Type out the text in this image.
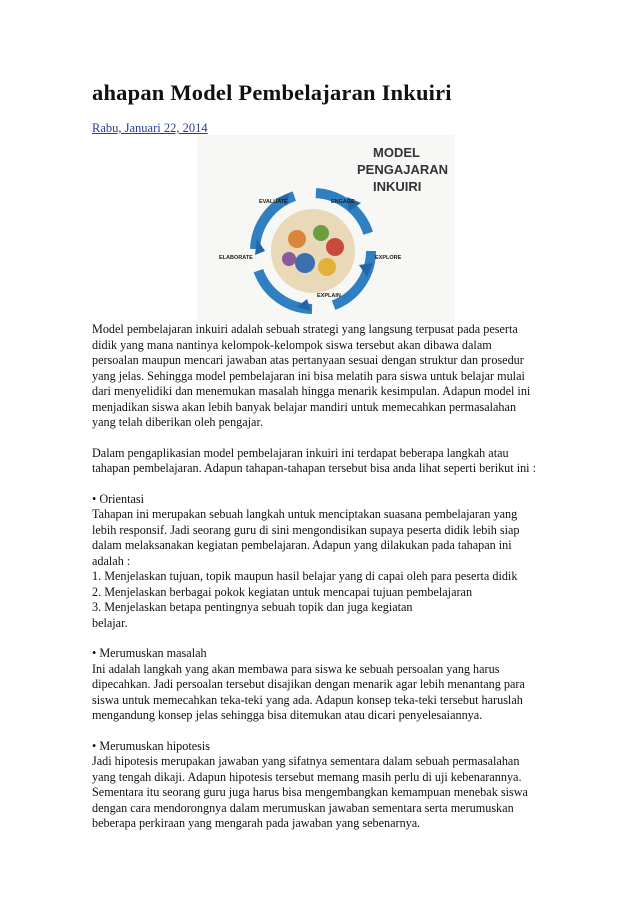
ahapan Model Pembelajaran Inkuiri
Rabu, Januari 22, 2014
MODEL
PENGAJARAN
INKUIRI
EVALUATE	ENGAGE
EXPLORE
EXPLAIN
ELABORATE

Model pembelajaran inkuiri adalah sebuah strategi yang langsung terpusat pada peserta
didik yang mana nantinya kelompok-kelompok siswa tersebut akan dibawa dalam
persoalan maupun mencari jawaban atas pertanyaan sesuai dengan struktur dan prosedur
yang jelas. Sehingga model pembelajaran ini bisa melatih para siswa untuk belajar mulai
dari menyelidiki dan menemukan masalah hingga menarik kesimpulan. Adapun model ini
menjadikan siswa akan lebih banyak belajar mandiri untuk memecahkan permasalahan
yang telah diberikan oleh pengajar.

Dalam pengaplikasian model pembelajaran inkuiri ini terdapat beberapa langkah atau
tahapan pembelajaran. Adapun tahapan-tahapan tersebut bisa anda lihat seperti berikut ini :

• Orientasi
Tahapan ini merupakan sebuah langkah untuk menciptakan suasana pembelajaran yang
lebih responsif. Jadi seorang guru di sini mengondisikan supaya peserta didik lebih siap
dalam melaksanakan kegiatan pembelajaran. Adapun yang dilakukan pada tahapan ini
adalah :
1. Menjelaskan tujuan, topik maupun hasil belajar yang di capai oleh para peserta didik
2. Menjelaskan berbagai pokok kegiatan untuk mencapai tujuan pembelajaran
3. Menjelaskan betapa pentingnya sebuah topik dan juga kegiatan
belajar.

• Merumuskan masalah
Ini adalah langkah yang akan membawa para siswa ke sebuah persoalan yang harus
dipecahkan. Jadi persoalan tersebut disajikan dengan menarik agar lebih menantang para
siswa untuk memecahkan teka-teki yang ada. Adapun konsep teka-teki tersebut haruslah
mengandung konsep jelas sehingga bisa ditemukan atau dicari penyelesaiannya.

• Merumuskan hipotesis
Jadi hipotesis merupakan jawaban yang sifatnya sementara dalam sebuah permasalahan
yang tengah dikaji. Adapun hipotesis tersebut memang masih perlu di uji kebenarannya.
Sementara itu seorang guru juga harus bisa mengembangkan kemampuan menebak siswa
dengan cara mendorongnya dalam merumuskan jawaban sementara serta merumuskan
beberapa perkiraan yang mengarah pada jawaban yang sebenarnya.
